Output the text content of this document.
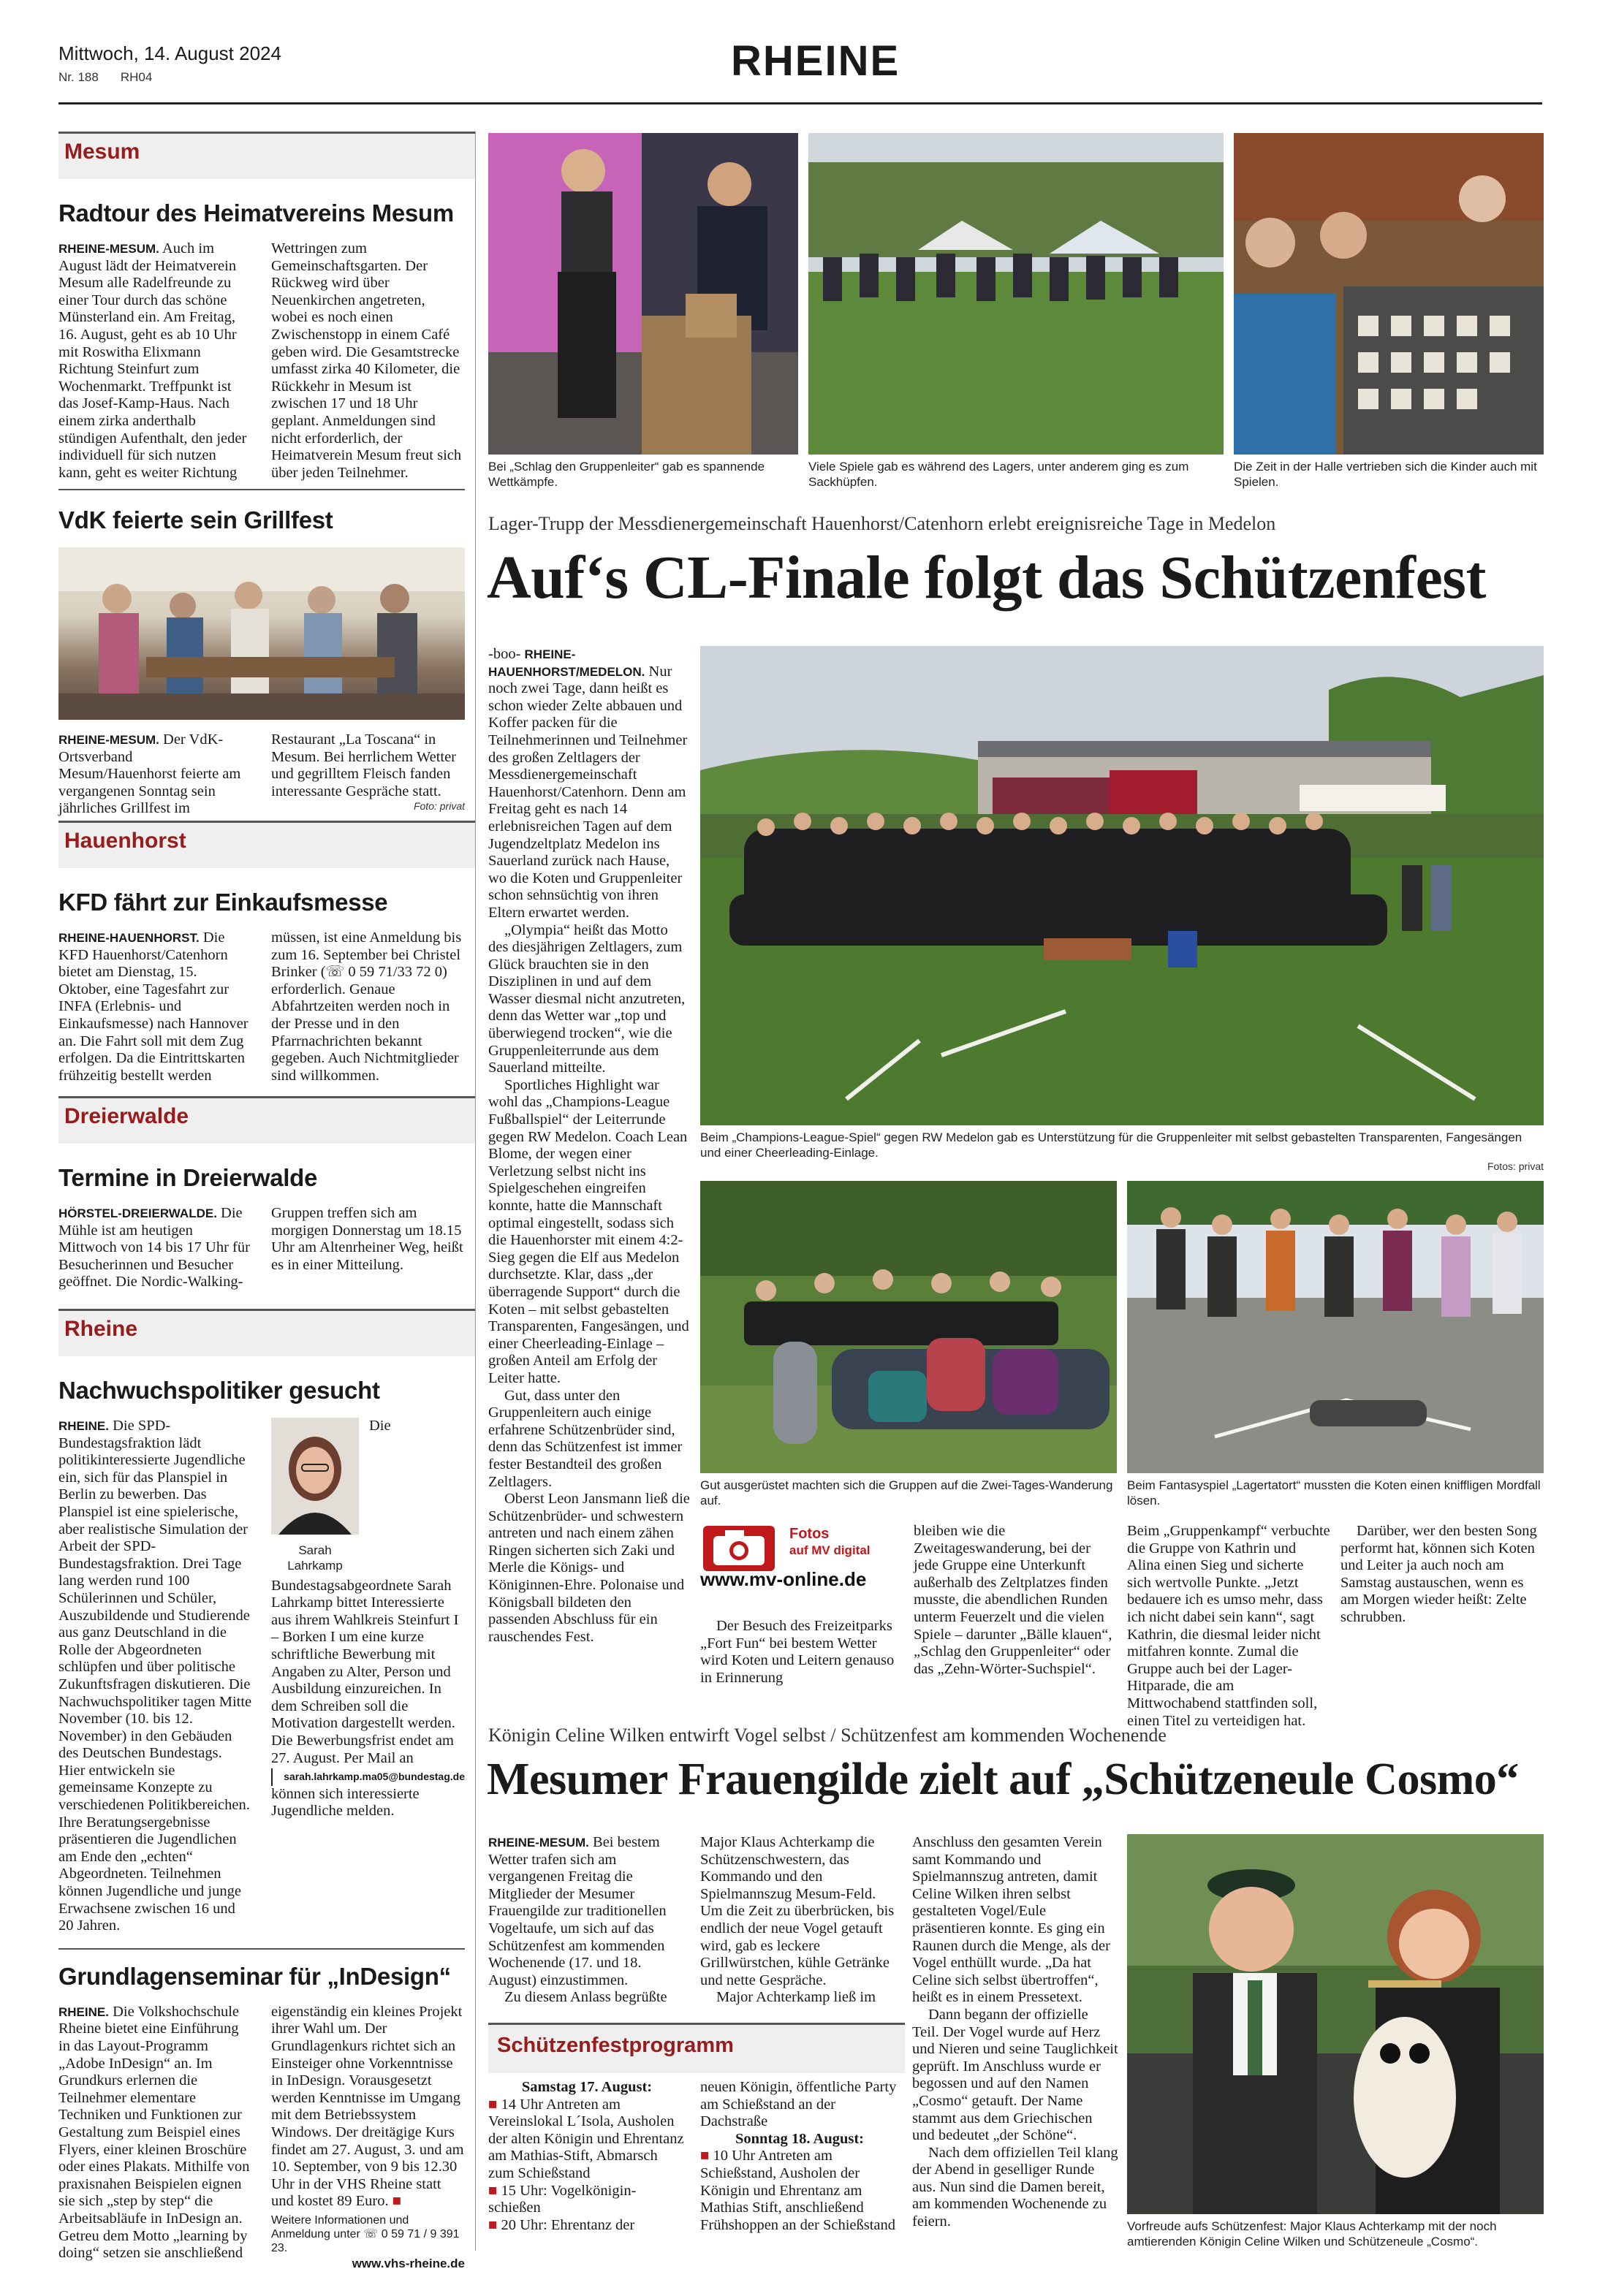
Mittwoch, 14. August 2024
Nr. 188 RH04	RHEINE
Mesum
Radtour des Heimatvereins Mesum
RHEINE-MESUM. Auch im August lädt der Heimatverein Mesum alle Radelfreunde zu einer Tour durch das schöne Münsterland ein. Am Freitag, 16. August, geht es ab 10 Uhr mit Roswitha Elixmann Richtung Steinfurt zum Wochenmarkt. Treffpunkt ist das Josef-Kamp-Haus. Nach einem zirka anderthalb stündigen Aufenthalt, den jeder individuell für sich nutzen kann, geht es weiter Richtung Wettringen zum Gemeinschaftsgarten. Der Rückweg wird über Neuenkirchen angetreten, wobei es noch einen Zwischenstopp in einem Café geben wird. Die Gesamtstrecke umfasst zirka 40 Kilometer, die Rückkehr in Mesum ist zwischen 17 und 18 Uhr geplant. Anmeldungen sind nicht erforderlich, der Heimatverein Mesum freut sich über jeden Teilnehmer.
VdK feierte sein Grillfest
RHEINE-MESUM. Der VdK-Ortsverband Mesum/Hauenhorst feierte am vergangenen Sonntag sein jährliches Grillfest im Restaurant „La Toscana“ in Mesum. Bei herrlichem Wetter und gegrilltem Fleisch fanden interessante Gespräche statt.
Foto: privat
Hauenhorst
KFD fährt zur Einkaufsmesse
RHEINE-HAUENHORST. Die KFD Hauenhorst/Catenhorn bietet am Dienstag, 15. Oktober, eine Tagesfahrt zur INFA (Erlebnis- und Einkaufsmesse) nach Hannover an. Die Fahrt soll mit dem Zug erfolgen. Da die Eintrittskarten frühzeitig bestellt werden müssen, ist eine Anmeldung bis zum 16. September bei Christel Brinker (☏ 0 59 71/33 72 0) erforderlich. Genaue Abfahrtzeiten werden noch in der Presse und in den Pfarrnachrichten bekannt gegeben. Auch Nichtmitglieder sind willkommen.
Dreierwalde
Termine in Dreierwalde
HÖRSTEL-DREIERWALDE. Die Mühle ist am heutigen Mittwoch von 14 bis 17 Uhr für Besucherinnen und Besucher geöffnet. Die Nordic-Walking-Gruppen treffen sich am morgigen Donnerstag um 18.15 Uhr am Altenrheiner Weg, heißt es in einer Mitteilung.
Rheine
Nachwuchspolitiker gesucht
RHEINE. Die SPD-Bundestagsfraktion lädt politikinteressierte Jugendliche ein, sich für das Planspiel in Berlin zu bewerben. Das Planspiel ist eine spielerische, aber realistische Simulation der Arbeit der SPD-Bundestagsfraktion. Drei Tage lang werden rund 100 Schülerinnen und Schüler, Auszubildende und Studierende aus ganz Deutschland in die Rolle der Abgeordneten schlüpfen und über politische Zukunftsfragen diskutieren. Die Nachwuchspolitiker tagen Mitte November (10. bis 12. November) in den Gebäuden des Deutschen Bundestags. Hier entwickeln sie gemeinsame Konzepte zu verschiedenen Politikbereichen. Ihre Beratungsergebnisse präsentieren die Jugendlichen am Ende den „echten“ Abgeordneten. Teilnehmen können Jugendliche und junge Erwachsene zwischen 16 und 20 Jahren.
Sarah Lahrkamp
Die Bundestagsabgeordnete Sarah Lahrkamp bittet Interessierte aus ihrem Wahlkreis Steinfurt I – Borken I um eine kurze schriftliche Bewerbung mit Angaben zu Alter, Person und Ausbildung einzureichen. In dem Schreiben soll die Motivation dargestellt werden. Die Bewerbungsfrist endet am 27. August. Per Mail an
sarah.lahrkamp.ma05@bundestag.de
können sich interessierte Jugendliche melden.
Grundlagenseminar für „InDesign“
RHEINE. Die Volkshochschule Rheine bietet eine Einführung in das Layout-Programm „Adobe InDesign“ an. Im Grundkurs erlernen die Teilnehmer elementare Techniken und Funktionen zur Gestaltung zum Beispiel eines Flyers, einer kleinen Broschüre oder eines Plakats. Mithilfe von praxisnahen Beispielen eignen sie sich „step by step“ die Arbeitsabläufe in InDesign an. Getreu dem Motto „learning by doing“ setzen sie anschließend eigenständig ein kleines Projekt ihrer Wahl um. Der Grundlagenkurs richtet sich an Einsteiger ohne Vorkenntnisse in InDesign. Vorausgesetzt werden Kenntnisse im Umgang mit dem Betriebssystem Windows. Der dreitägige Kurs findet am 27. August, 3. und am 10. September, von 9 bis 12.30 Uhr in der VHS Rheine statt und kostet 89 Euro. ■
Weitere Informationen und Anmeldung unter ☏ 0 59 71 / 9 391 23.
www.vhs-rheine.de
Bei „Schlag den Gruppenleiter“ gab es spannende Wettkämpfe.
Viele Spiele gab es während des Lagers, unter anderem ging es zum Sackhüpfen.
Die Zeit in der Halle vertrieben sich die Kinder auch mit Spielen.
Lager-Trupp der Messdienergemeinschaft Hauenhorst/Catenhorn erlebt ereignisreiche Tage in Medelon
Auf‘s CL-Finale folgt das Schützenfest

-boo- RHEINE-HAUENHORST/MEDELON. Nur noch zwei Tage, dann heißt es schon wieder Zelte abbauen und Koffer packen für die Teilnehmerinnen und Teilnehmer des großen Zeltlagers der Messdienergemeinschaft Hauenhorst/Catenhorn. Denn am Freitag geht es nach 14 erlebnisreichen Tagen auf dem Jugendzeltplatz Medelon ins Sauerland zurück nach Hause, wo die Koten und Gruppenleiter schon sehnsüchtig von ihren Eltern erwartet werden.

„Olympia“ heißt das Motto des diesjährigen Zeltlagers, zum Glück brauchten sie in den Disziplinen in und auf dem Wasser diesmal nicht anzutreten, denn das Wetter war „top und überwiegend trocken“, wie die Gruppenleiterrunde aus dem Sauerland mitteilte.

Sportliches Highlight war wohl das „Champions-League Fußballspiel“ der Leiterrunde gegen RW Medelon. Coach Lean Blome, der wegen einer Verletzung selbst nicht ins Spielgeschehen eingreifen konnte, hatte die Mannschaft optimal eingestellt, sodass sich die Hauenhorster mit einem 4:2-Sieg gegen die Elf aus Medelon durchsetzte. Klar, dass „der überragende Support“ durch die Koten – mit selbst gebastelten Transparenten, Fangesängen, und einer Cheerleading-Einlage – großen Anteil am Erfolg der Leiter hatte.

Gut, dass unter den Gruppenleitern auch einige erfahrene Schützenbrüder sind, denn das Schützenfest ist immer fester Bestandteil des großen Zeltlagers.

Oberst Leon Jansmann ließ die Schützenbrüder- und schwestern antreten und nach einem zähen Ringen sicherten sich Zaki und Merle die Königs- und Königinnen-Ehre. Polonaise und Königsball bildeten den passenden Abschluss für ein rauschendes Fest.

Beim „Champions-League-Spiel“ gegen RW Medelon gab es Unterstützung für die Gruppenleiter mit selbst gebastelten Transparenten, Fangesängen und einer Cheerleading-Einlage.
Fotos: privat
Gut ausgerüstet machten sich die Gruppen auf die Zwei-Tages-Wanderung auf.
Beim Fantasyspiel „Lagertatort“ mussten die Koten einen kniffligen Mordfall lösen.
Fotos
auf MV digital
www.mv-online.de

Der Besuch des Freizeitparks „Fort Fun“ bei bestem Wetter wird Koten und Leitern genauso in Erinnerung

bleiben wie die Zweitageswanderung, bei der jede Gruppe eine Unterkunft außerhalb des Zeltplatzes finden musste, die abendlichen Runden unterm Feuerzelt und die vielen Spiele – darunter „Bälle klauen“, „Schlag den Gruppenleiter“ oder das „Zehn-Wörter-Suchspiel“.

Beim „Gruppenkampf“ verbuchte die Gruppe von Kathrin und Alina einen Sieg und sicherte sich wertvolle Punkte. „Jetzt bedauere ich es umso mehr, dass ich nicht dabei sein kann“, sagt Kathrin, die diesmal leider nicht mitfahren konnte. Zumal die Gruppe auch bei der Lager-Hitparade, die am Mittwochabend stattfinden soll, einen Titel zu verteidigen hat.

Darüber, wer den besten Song performt hat, können sich Koten und Leiter ja auch noch am Samstag austauschen, wenn es am Morgen wieder heißt: Zelte schrubben.

Königin Celine Wilken entwirft Vogel selbst / Schützenfest am kommenden Wochenende
Mesumer Frauengilde zielt auf „Schützeneule Cosmo“

RHEINE-MESUM. Bei bestem Wetter trafen sich am vergangenen Freitag die Mitglieder der Mesumer Frauengilde zur traditionellen Vogeltaufe, um sich auf das Schützenfest am kommenden Wochenende (17. und 18. August) einzustimmen.

Zu diesem Anlass begrüßte

Major Klaus Achterkamp die Schützenschwestern, das Kommando und den Spielmannszug Mesum-Feld. Um die Zeit zu überbrücken, bis endlich der neue Vogel getauft wird, gab es leckere Grillwürstchen, kühle Getränke und nette Gespräche.

Major Achterkamp ließ im

Anschluss den gesamten Verein samt Kommando und Spielmannszug antreten, damit Celine Wilken ihren selbst gestalteten Vogel/Eule präsentieren konnte. Es ging ein Raunen durch die Menge, als der Vogel enthüllt wurde. „Da hat Celine sich selbst übertroffen“, heißt es in einem Pressetext.

Dann begann der offizielle Teil. Der Vogel wurde auf Herz und Nieren und seine Tauglichkeit geprüft. Im Anschluss wurde er begossen und auf den Namen „Cosmo“ getauft. Der Name stammt aus dem Griechischen und bedeutet „der Schöne“.

Nach dem offiziellen Teil klang der Abend in geselliger Runde aus. Nun sind die Damen bereit, am kommenden Wochenende zu feiern.

Schützenfestprogramm
Samstag 17. August:
■ 14 Uhr Antreten am Vereinslokal L´Isola, Ausholen der alten Königin und Ehrentanz am Mathias-Stift, Abmarsch zum Schießstand
■ 15 Uhr: Vogelkönigin-schießen
■ 20 Uhr: Ehrentanz der
neuen Königin, öffentliche Party am Schießstand an der Dachstraße
Sonntag 18. August:
■ 10 Uhr Antreten am Schießstand, Ausholen der Königin und Ehrentanz am Mathias Stift, anschließend Frühshoppen an der Schießstand	Vorfreude aufs Schützenfest: Major Klaus Achterkamp mit der noch amtierenden Königin Celine Wilken und Schützeneule „Cosmo“.
